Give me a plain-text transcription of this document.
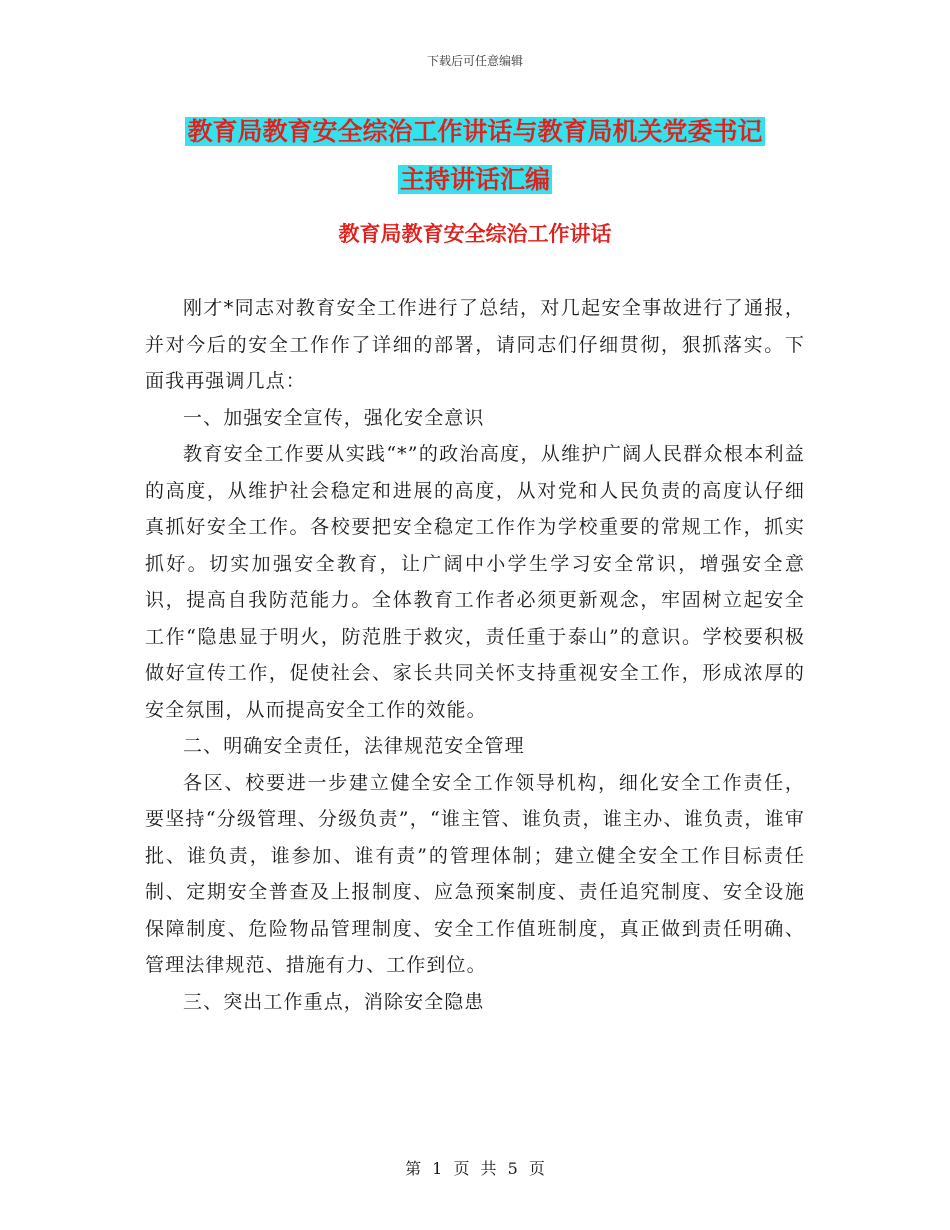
下载后可任意编辑
教育局教育安全综治工作讲话与教育局机关党委书记
主持讲话汇编
教育局教育安全综治工作讲话

刚才*同志对教育安全工作进行了总结，对几起安全事故进行了通报，并对今后的安全工作作了详细的部署，请同志们仔细贯彻，狠抓落实。下面我再强调几点：

一、加强安全宣传，强化安全意识

教育安全工作要从实践“*”的政治高度，从维护广阔人民群众根本利益的高度，从维护社会稳定和进展的高度，从对党和人民负责的高度认仔细真抓好安全工作。各校要把安全稳定工作作为学校重要的常规工作，抓实抓好。切实加强安全教育，让广阔中小学生学习安全常识，增强安全意识，提高自我防范能力。全体教育工作者必须更新观念，牢固树立起安全工作“隐患显于明火，防范胜于救灾，责任重于泰山”的意识。学校要积极做好宣传工作，促使社会、家长共同关怀支持重视安全工作，形成浓厚的安全氛围，从而提高安全工作的效能。

二、明确安全责任，法律规范安全管理

各区、校要进一步建立健全安全工作领导机构，细化安全工作责任，要坚持“分级管理、分级负责”，“谁主管、谁负责，谁主办、谁负责，谁审批、谁负责，谁参加、谁有责”的管理体制；建立健全安全工作目标责任制、定期安全普查及上报制度、应急预案制度、责任追究制度、安全设施保障制度、危险物品管理制度、安全工作值班制度，真正做到责任明确、管理法律规范、措施有力、工作到位。

三、突出工作重点，消除安全隐患

第 1 页 共 5 页
